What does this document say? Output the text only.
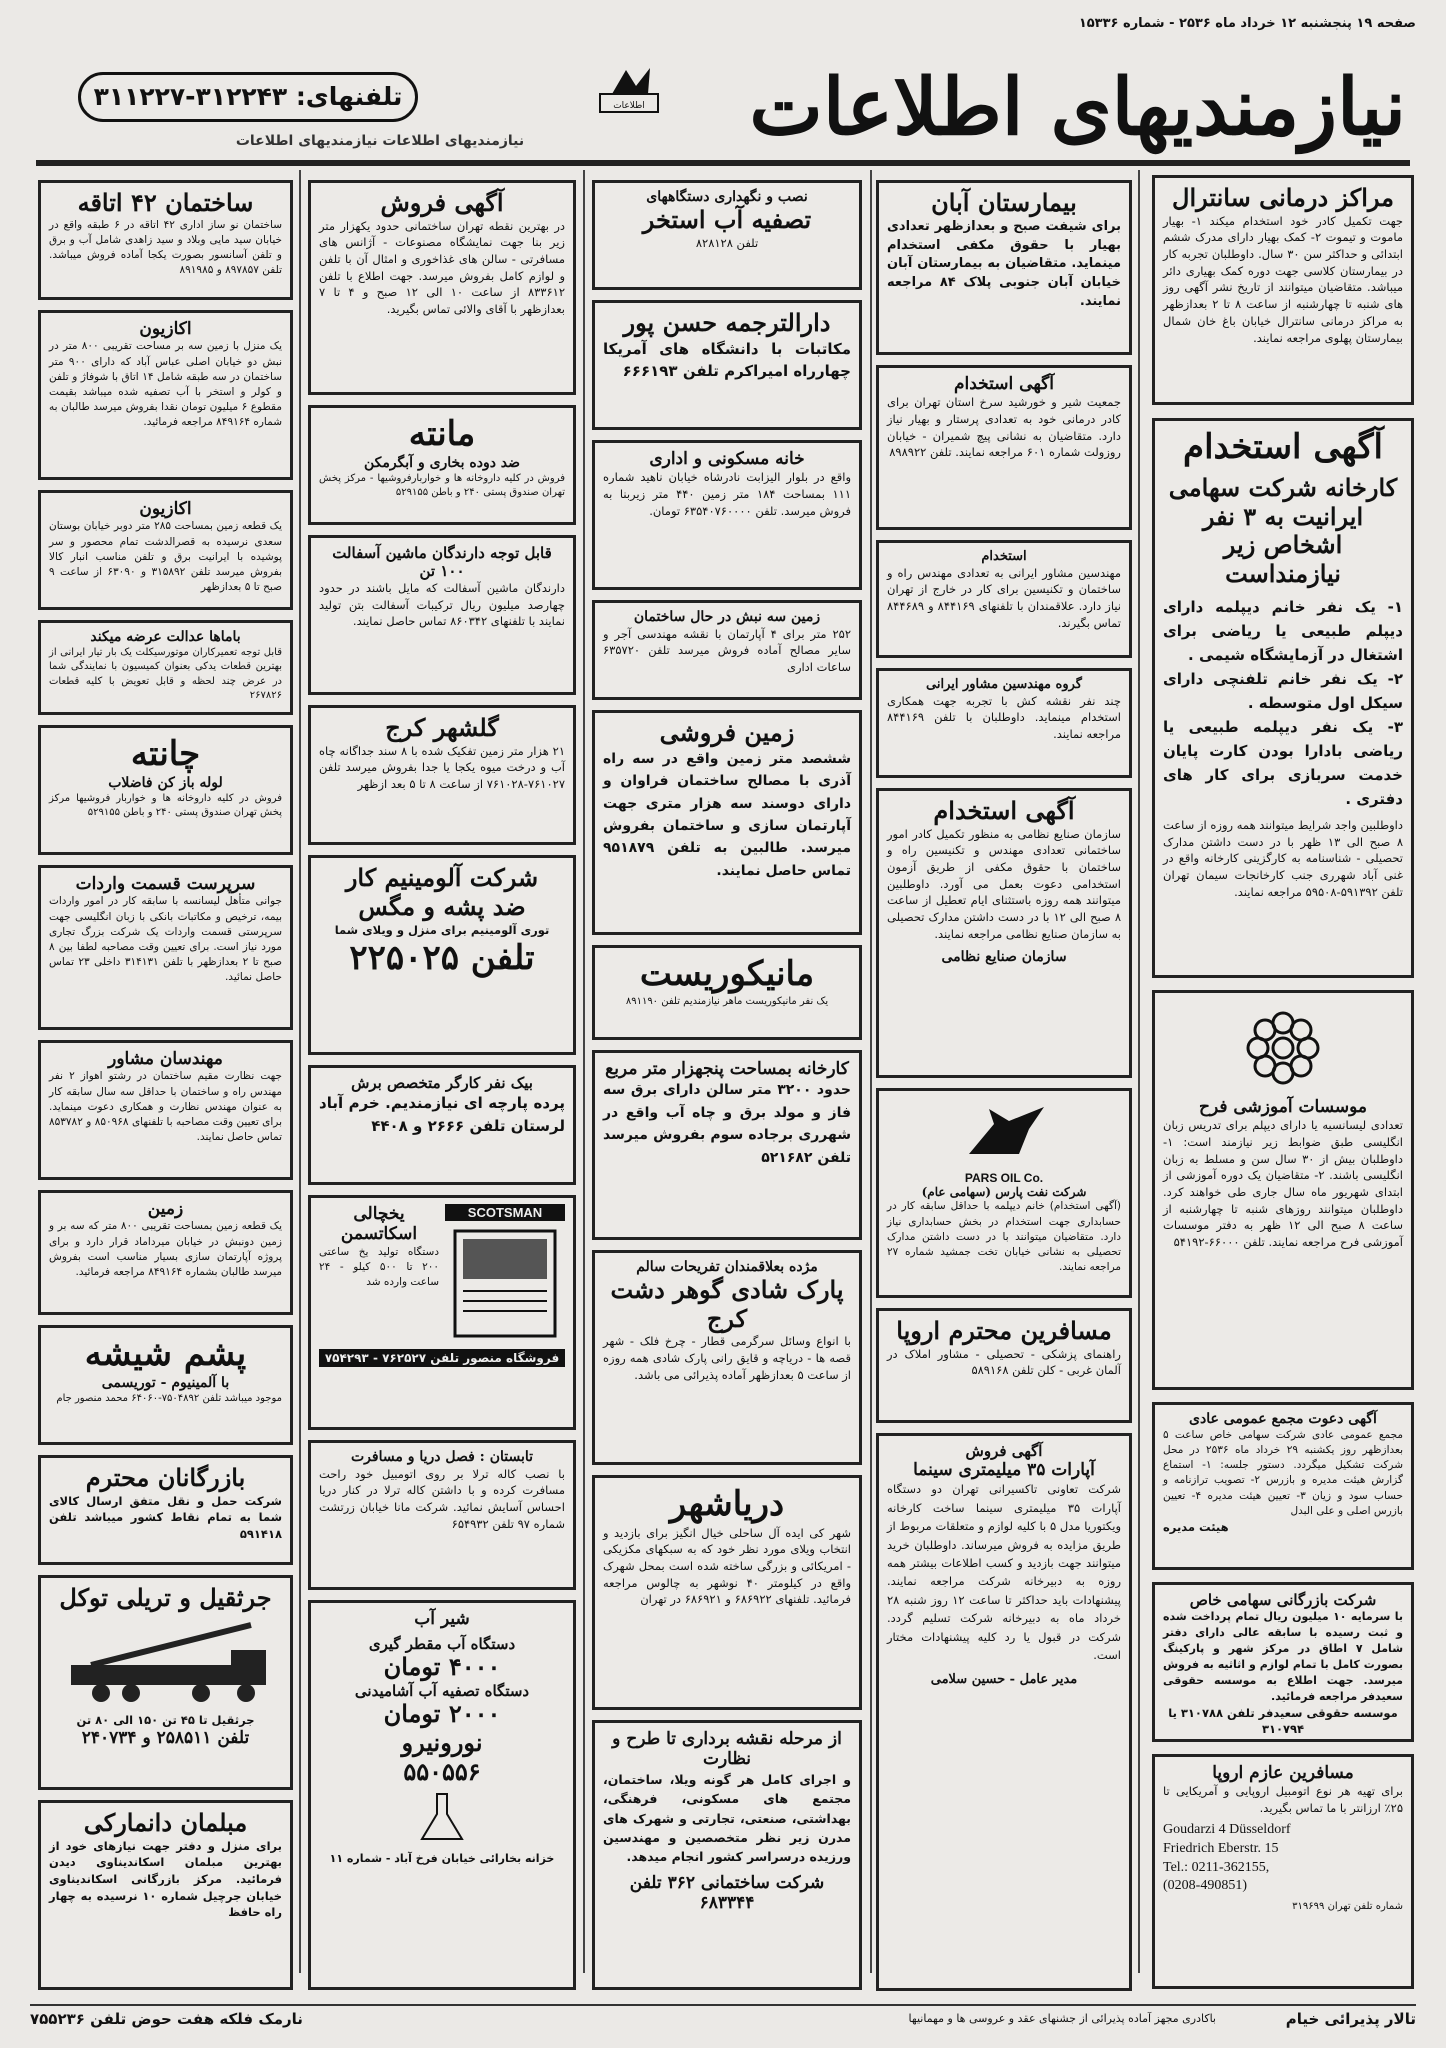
صفحه ۱۹ پنجشنبه ۱۲ خرداد ماه ۲۵۳۶ - شماره ۱۵۳۳۶
نیازمندیهای اطلاعات
اطلاعات
تلفنهای: ۳۱۲۲۴۳-۳۱۱۲۲۷
نیازمندیهای اطلاعات نیازمندیهای اطلاعات
مراکز درمانی سانترال
جهت تکمیل کادر خود استخدام میکند ۱- بهیار ماموت و تیموت ۲- کمک بهیار دارای مدرک ششم ابتدائی و حداکثر سن ۳۰ سال. داوطلبان تجربه کار در بیمارستان کلاسی جهت دوره کمک بهیاری دائر میباشد. متقاضیان میتوانند از تاریخ نشر آگهی روز های شنبه تا چهارشنبه از ساعت ۸ تا ۲ بعدازظهر به مراکز درمانی سانترال خیابان باغ خان شمال بیمارستان پهلوی مراجعه نمایند.
آگهی استخدام
کارخانه شرکت سهامی ایرانیت به ۳ نفر اشخاص زیر نیازمنداست
۱- یک نفر خانم دیپلمه دارای دیپلم طبیعی یا ریاضی برای اشتغال در آزمایشگاه شیمی .
۲- یک نفر خانم تلفنچی دارای سیکل اول متوسطه .
۳- یک نفر دیپلمه طبیعی یا ریاضی بادارا بودن کارت پایان خدمت سربازی برای کار های دفتری .
داوطلبین واجد شرایط میتوانند همه روزه از ساعت ۸ صبح الی ۱۳ ظهر با در دست داشتن مدارک تحصیلی - شناسنامه به کارگزینی کارخانه واقع در غنی آباد شهرری جنب کارخانجات سیمان تهران تلفن ۵۹۱۳۹۲-۵۹۵۰۸ مراجعه نمایند.
موسسات آموزشی فرح
تعدادی لیسانسیه یا دارای دیپلم برای تدریس زبان انگلیسی طبق ضوابط زیر نیازمند است: ۱- داوطلبان بیش از ۳۰ سال سن و مسلط به زبان انگلیسی باشند. ۲- متقاضیان یک دوره آموزشی از ابتدای شهریور ماه سال جاری طی خواهند کرد. داوطلبان میتوانند روزهای شنبه تا چهارشنبه از ساعت ۸ صبح الی ۱۲ ظهر به دفتر موسسات آموزشی فرح مراجعه نمایند. تلفن ۶۶۰۰۰-۵۴۱۹۲
آگهی دعوت مجمع عمومی عادی
مجمع عمومی عادی شرکت سهامی خاص ساعت ۵ بعدازظهر روز یکشنبه ۲۹ خرداد ماه ۲۵۳۶ در محل شرکت تشکیل میگردد. دستور جلسه: ۱- استماع گزارش هیئت مدیره و بازرس ۲- تصویب ترازنامه و حساب سود و زیان ۳- تعیین هیئت مدیره ۴- تعیین بازرس اصلی و علی البدل
هیئت مدیره
شرکت بازرگانی سهامی خاص
با سرمایه ۱۰ میلیون ریال تمام پرداخت شده و ثبت رسیده با سابقه عالی دارای دفتر شامل ۷ اطاق در مرکز شهر و پارکینگ بصورت کامل با تمام لوازم و اثاثیه به فروش میرسد. جهت اطلاع به موسسه حقوقی سعیدفر مراجعه فرمائید.
موسسه حقوقی سعیدفر تلفن ۳۱۰۷۸۸ یا ۳۱۰۷۹۴
مسافرین عازم اروپا
برای تهیه هر نوع اتومبیل اروپایی و آمریکایی تا ۲۵٪ ارزانتر با ما تماس بگیرید.
Goudarzi 4 Düsseldorf
Friedrich Eberstr. 15
Tel.: 0211-362155,
(0208-490851)
شماره تلفن تهران ۳۱۹۶۹۹
بیمارستان آبان
برای شیفت صبح و بعدازظهر تعدادی بهیار با حقوق مکفی استخدام مینماید. متقاضیان به بیمارستان آبان خیابان آبان جنوبی پلاک ۸۴ مراجعه نمایند.
آگهی استخدام
جمعیت شیر و خورشید سرخ استان تهران برای کادر درمانی خود به تعدادی پرستار و بهیار نیاز دارد. متقاضیان به نشانی پیچ شمیران - خیابان روزولت شماره ۶۰۱ مراجعه نمایند. تلفن ۸۹۸۹۲۲
استخدام
مهندسین مشاور ایرانی به تعدادی مهندس راه و ساختمان و تکنیسین برای کار در خارج از تهران نیاز دارد. علاقمندان با تلفنهای ۸۴۴۱۶۹ و ۸۴۴۶۸۹ تماس بگیرند.
گروه مهندسین مشاور ایرانی
چند نفر نقشه کش با تجربه جهت همکاری استخدام مینماید. داوطلبان با تلفن ۸۴۴۱۶۹ مراجعه نمایند.
آگهی استخدام
سازمان صنایع نظامی به منظور تکمیل کادر امور ساختمانی تعدادی مهندس و تکنیسین راه و ساختمان با حقوق مکفی از طریق آزمون استخدامی دعوت بعمل می آورد. داوطلبین میتوانند همه روزه باستثنای ایام تعطیل از ساعت ۸ صبح الی ۱۲ با در دست داشتن مدارک تحصیلی به سازمان صنایع نظامی مراجعه نمایند.
سازمان صنایع نظامی
PARS OIL Co.
شرکت نفت پارس (سهامی عام)
(آگهی استخدام) خانم دیپلمه با حداقل سابقه کار در حسابداری جهت استخدام در بخش حسابداری نیاز دارد. متقاضیان میتوانند با در دست داشتن مدارک تحصیلی به نشانی خیابان تخت جمشید شماره ۲۷ مراجعه نمایند.
مسافرین محترم اروپا
راهنمای پزشکی - تحصیلی - مشاور املاک در آلمان غربی - کلن تلفن ۵۸۹۱۶۸
آگهی فروش
آپارات ۳۵ میلیمتری سینما
شرکت تعاونی تاکسیرانی تهران دو دستگاه آپارات ۳۵ میلیمتری سینما ساخت کارخانه ویکتوریا مدل ۵ با کلیه لوازم و متعلقات مربوط از طریق مزایده به فروش میرساند. داوطلبان خرید میتوانند جهت بازدید و کسب اطلاعات بیشتر همه روزه به دبیرخانه شرکت مراجعه نمایند. پیشنهادات باید حداکثر تا ساعت ۱۲ روز شنبه ۲۸ خرداد ماه به دبیرخانه شرکت تسلیم گردد. شرکت در قبول یا رد کلیه پیشنهادات مختار است.
مدیر عامل - حسین سلامی
نصب و نگهداری دستگاههای
تصفیه آب استخر
تلفن ۸۲۸۱۲۸
دارالترجمه حسن پور
مکاتبات با دانشگاه های آمریکا چهارراه امیراکرم تلفن ۶۶۶۱۹۳
خانه مسکونی و اداری
واقع در بلوار الیزابت نادرشاه خیابان ناهید شماره ۱۱۱ بمساحت ۱۸۴ متر زمین ۴۴۰ متر زیربنا به فروش میرسد. تلفن ۶۳۵۴۰۷۶۰۰۰۰ تومان.
زمین سه نبش در حال ساختمان
۲۵۲ متر برای ۴ آپارتمان با نقشه مهندسی آجر و سایر مصالح آماده فروش میرسد تلفن ۶۳۵۷۲۰ ساعات اداری
زمین فروشی
ششصد متر زمین واقع در سه راه آذری با مصالح ساختمان فراوان و دارای دوسند سه هزار متری جهت آپارتمان سازی و ساختمان بفروش میرسد. طالبین به تلفن ۹۵۱۸۷۹ تماس حاصل نمایند.
مانیکوریست
یک نفر مانیکوریست ماهر نیازمندیم تلفن ۸۹۱۱۹۰
کارخانه بمساحت پنجهزار متر مربع
حدود ۳۲۰۰ متر سالن دارای برق سه فاز و مولد برق و چاه آب واقع در شهرری برجاده سوم بفروش میرسد تلفن ۵۲۱۶۸۲
مژده بعلاقمندان تفریحات سالم
پارک شادی گوهر دشت کرج
با انواع وسائل سرگرمی قطار - چرخ فلک - شهر قصه ها - دریاچه و قایق رانی پارک شادی همه روزه از ساعت ۵ بعدازظهر آماده پذیرائی می باشد.
دریاشهر
شهر کی ایده آل ساحلی خیال انگیز برای بازدید و انتخاب ویلای مورد نظر خود که به سبکهای مکزیکی - امریکائی و بزرگی ساخته شده است بمحل شهرک واقع در کیلومتر ۴۰ نوشهر به چالوس مراجعه فرمائید. تلفنهای ۶۸۶۹۲۲ و ۶۸۶۹۲۱ در تهران
از مرحله نقشه برداری تا طرح و نظارت
و اجرای کامل هر گونه ویلا، ساختمان، مجتمع های مسکونی، فرهنگی، بهداشتی، صنعتی، تجارتی و شهرک های مدرن زیر نظر متخصصین و مهندسین ورزیده درسراسر کشور انجام میدهد.
شرکت ساختمانی ۳۶۲ تلفن ۶۸۳۳۴۴
آگهی فروش
در بهترین نقطه تهران ساختمانی حدود یکهزار متر زیر بنا جهت نمایشگاه مصنوعات - آژانس های مسافرتی - سالن های غذاخوری و امثال آن با تلفن و لوازم کامل بفروش میرسد. جهت اطلاع با تلفن ۸۳۳۶۱۲ از ساعت ۱۰ الی ۱۲ صبح و ۴ تا ۷ بعدازظهر با آقای والائی تماس بگیرید.
مانته
ضد دوده بخاری و آبگرمکن
فروش در کلیه داروخانه ها و خواربارفروشیها - مرکز پخش تهران صندوق پستی ۲۴۰ و باطن ۵۲۹۱۵۵
قابل توجه دارندگان ماشین آسفالت ۱۰۰ تن
دارندگان ماشین آسفالت که مایل باشند در حدود چهارصد میلیون ریال ترکیبات آسفالت بتن تولید نمایند با تلفنهای ۸۶۰۳۴۲ تماس حاصل نمایند.
گلشهر کرج
۲۱ هزار متر زمین تفکیک شده با ۸ سند جداگانه چاه آب و درخت میوه یکجا یا جدا بفروش میرسد تلفن ۷۶۱۰۲۷-۷۶۱۰۲۸ از ساعت ۸ تا ۵ بعد ازظهر
شرکت آلومینیم کار
ضد پشه و مگس
توری آلومینیم برای منزل و ویلای شما
تلفن ۲۲۵۰۲۵
بیک نفر کارگر متخصص برش
پرده پارچه ای نیازمندیم. خرم آباد لرستان تلفن ۲۶۶۶ و ۴۴۰۸
SCOTSMAN
یخچالی اسکاتسمن
دستگاه تولید یخ ساعتی ۲۰۰ تا ۵۰۰ کیلو - ۲۴ ساعت وارده شد
فروشگاه منصور تلفن ۷۶۲۵۲۷ - ۷۵۴۲۹۳
تابستان : فصل دریا و مسافرت
با نصب کاله ترلا بر روی اتومبیل خود راحت مسافرت کرده و با داشتن کاله ترلا در کنار دریا احساس آسایش نمائید. شرکت مانا خیابان زرتشت شماره ۹۷ تلفن ۶۵۴۹۳۲
شیر آب
دستگاه آب مقطر گیری
۴۰۰۰ تومان
دستگاه تصفیه آب آشامیدنی
۲۰۰۰ تومان
نورونیرو
۵۵۰۵۵۶
خزانه بخارائی خیابان فرخ آباد - شماره ۱۱
ساختمان ۴۲ اتاقه
ساختمان نو ساز اداری ۴۲ اتاقه در ۶ طبقه واقع در خیابان سید مایی وبلاد و سید زاهدی شامل آب و برق و تلفن آسانسور بصورت یکجا آماده فروش میباشد. تلفن ۸۹۷۸۵۷ و ۸۹۱۹۸۵
اکازیون
یک منزل با زمین سه بر مساحت تقریبی ۸۰۰ متر در نبش دو خیابان اصلی عباس آباد که دارای ۹۰۰ متر ساختمان در سه طبقه شامل ۱۴ اتاق با شوفاژ و تلفن و کولر و استخر با آب تصفیه شده میباشد بقیمت مقطوع ۶ میلیون تومان نقدا بفروش میرسد طالبان به شماره ۸۴۹۱۶۴ مراجعه فرمائید.
اکازیون
یک قطعه زمین بمساحت ۲۸۵ متر دوبر خیابان بوستان سعدی نرسیده به قصرالدشت تمام محصور و سر پوشیده با ایرانیت برق و تلفن مناسب انبار کالا بفروش میرسد تلفن ۳۱۵۸۹۲ و ۶۳۰۹۰ از ساعت ۹ صبح تا ۵ بعدازظهر
باماها عدالت عرضه میکند
قابل توجه تعمیرکاران موتورسیکلت یک بار تیار ایرانی از بهترین قطعات یدکی بعنوان کمیسیون با نمایندگی شما در عرض چند لحظه و قابل تعویض با کلیه قطعات ۲۶۷۸۲۶
چانته
لوله باز کن فاضلاب
فروش در کلیه داروخانه ها و خواربار فروشیها مرکز پخش تهران صندوق پستی ۲۴۰ و باطن ۵۲۹۱۵۵
سرپرست قسمت واردات
جوانی متأهل لیسانسه با سابقه کار در امور واردات بیمه، ترخیص و مکاتبات بانکی با زبان انگلیسی جهت سرپرستی قسمت واردات یک شرکت بزرگ تجاری مورد نیاز است. برای تعیین وقت مصاحبه لطفا بین ۸ صبح تا ۲ بعدازظهر با تلفن ۳۱۴۱۳۱ داخلی ۲۳ تماس حاصل نمائید.
مهندسان مشاور
جهت نظارت مقیم ساختمان در رشتو اهواز ۲ نفر مهندس راه و ساختمان با حداقل سه سال سابقه کار به عنوان مهندس نظارت و همکاری دعوت مینماید. برای تعیین وقت مصاحبه با تلفنهای ۸۵۰۹۶۸ و ۸۵۳۷۸۲ تماس حاصل نمایند.
زمین
یک قطعه زمین بمساحت تقریبی ۸۰۰ متر که سه بر و زمین دونبش در خیابان میرداماد قرار دارد و برای پروژه آپارتمان سازی بسیار مناسب است بفروش میرسد طالبان بشماره ۸۴۹۱۶۴ مراجعه فرمائید.
پشم شیشه
با آلمینیوم - توریسمی
موجود میباشد تلفن ۷۵۰۴۸۹۲-۶۴۰۶۰ محمد منصور جام
بازرگانان محترم
شرکت حمل و نقل متفق ارسال کالای شما به تمام نقاط کشور میباشد تلفن ۵۹۱۴۱۸
جرثقیل و تریلی توکل
جرثقیل تا ۴۵ تن ۱۵۰ الی ۸۰ تن
تلفن ۲۵۸۵۱۱ و ۲۴۰۷۳۴
مبلمان دانمارکی
برای منزل و دفتر جهت نیازهای خود از بهترین مبلمان اسکاندیناوی دیدن فرمائید. مرکز بازرگانی اسکاندیناوی خیابان جرچیل شماره ۱۰ نرسیده به چهار راه حافظ
تالار پذیرائی خیام
باکادری مجهز آماده پذیرائی از جشنهای عقد و عروسی ها و مهمانیها
نارمک فلکه هفت حوض تلفن ۷۵۵۲۳۶
